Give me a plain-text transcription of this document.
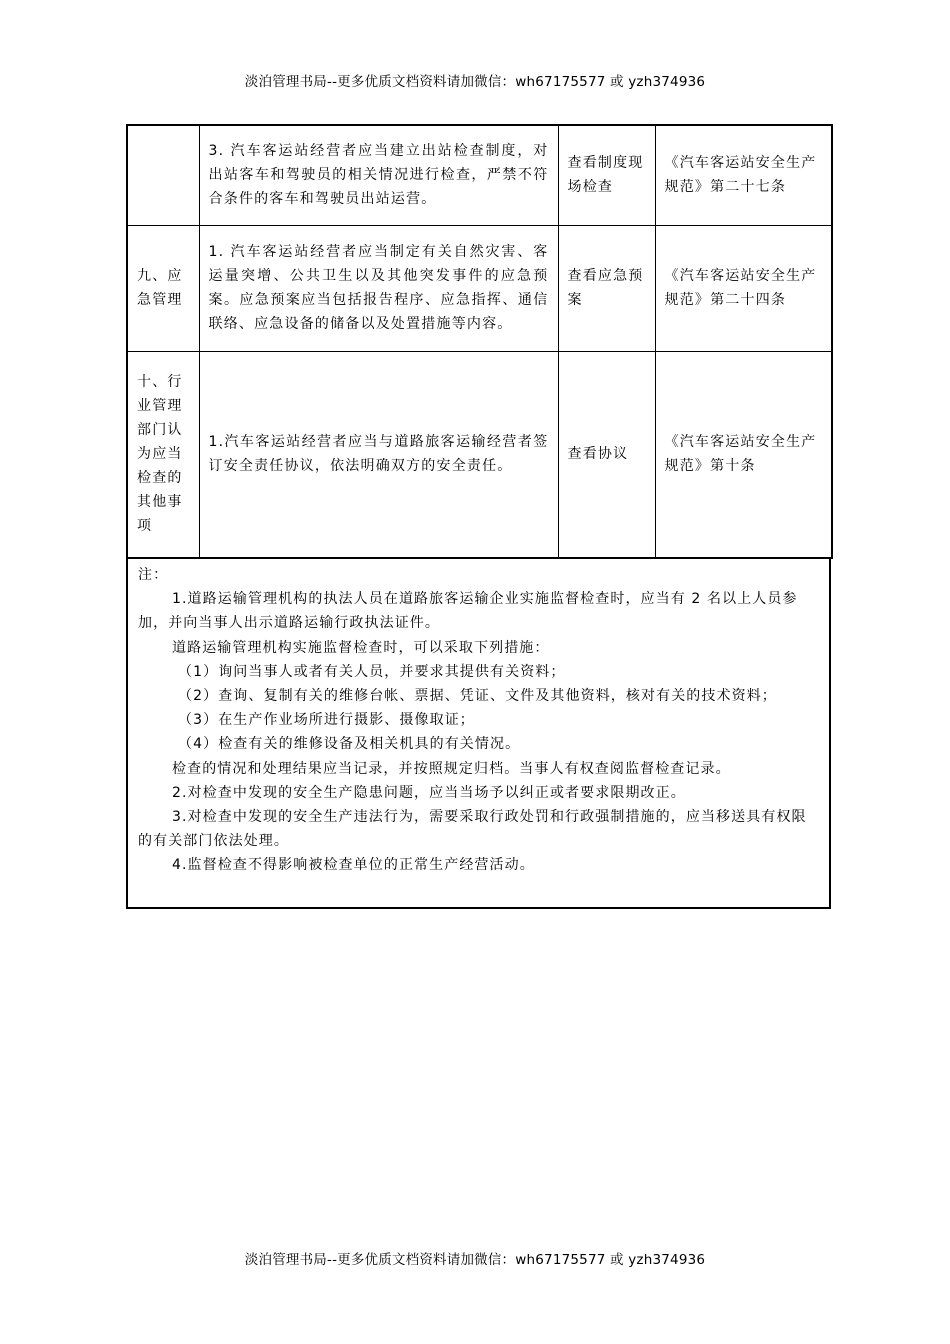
淡泊管理书局--更多优质文档资料请加微信：wh67175577 或 yzh374936
	3. 汽车客运站经营者应当建立出站检查制度，对出站客车和驾驶员的相关情况进行检查，严禁不符合条件的客车和驾驶员出站运营。	查看制度现场检查	《汽车客运站安全生产规范》第二十七条
九、应急管理	1. 汽车客运站经营者应当制定有关自然灾害、客运量突增、公共卫生以及其他突发事件的应急预案。应急预案应当包括报告程序、应急指挥、通信联络、应急设备的储备以及处置措施等内容。	查看应急预案	《汽车客运站安全生产规范》第二十四条
十、行业管理部门认为应当检查的其他事项	1.汽车客运站经营者应当与道路旅客运输经营者签订安全责任协议，依法明确双方的安全责任。	查看协议	《汽车客运站安全生产规范》第十条

注：

1.道路运输管理机构的执法人员在道路旅客运输企业实施监督检查时，应当有 2 名以上人员参加，并向当事人出示道路运输行政执法证件。

道路运输管理机构实施监督检查时，可以采取下列措施：

（1）询问当事人或者有关人员，并要求其提供有关资料；

（2）查询、复制有关的维修台帐、票据、凭证、文件及其他资料，核对有关的技术资料；

（3）在生产作业场所进行摄影、摄像取证；

（4）检查有关的维修设备及相关机具的有关情况。

检查的情况和处理结果应当记录，并按照规定归档。当事人有权查阅监督检查记录。

2.对检查中发现的安全生产隐患问题，应当当场予以纠正或者要求限期改正。

3.对检查中发现的安全生产违法行为，需要采取行政处罚和行政强制措施的，应当移送具有权限的有关部门依法处理。

4.监督检查不得影响被检查单位的正常生产经营活动。

淡泊管理书局--更多优质文档资料请加微信：wh67175577 或 yzh374936
